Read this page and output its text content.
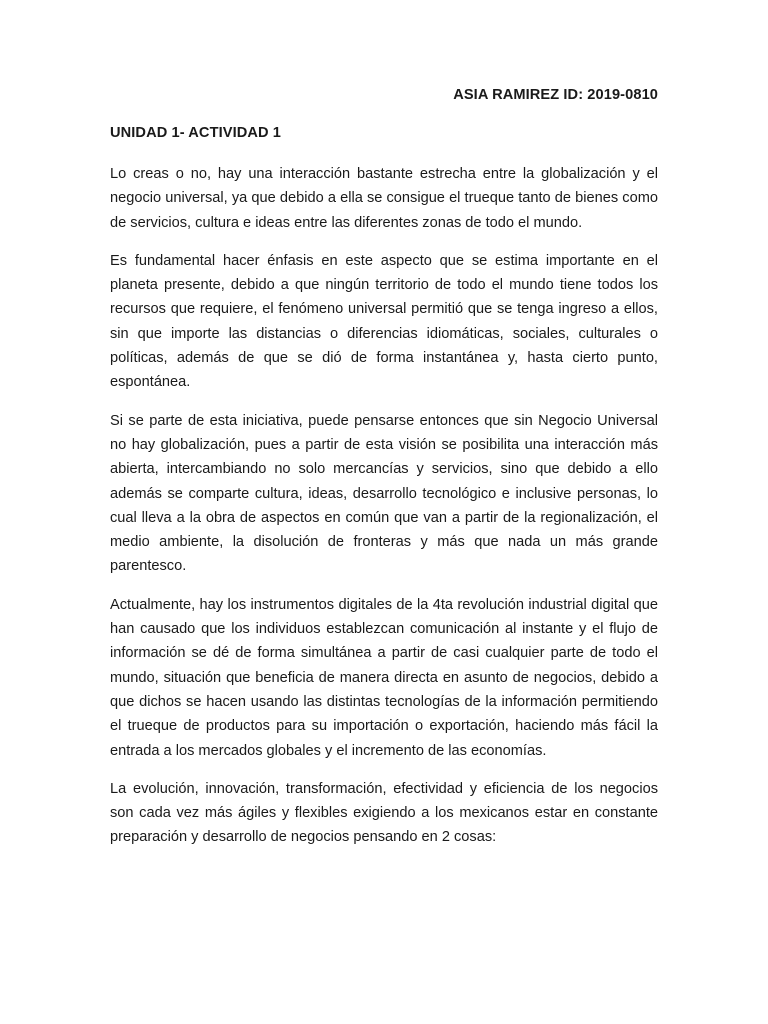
ASIA RAMIREZ ID: 2019-0810
UNIDAD 1- ACTIVIDAD 1

Lo creas o no, hay una interacción bastante estrecha entre la globalización y el negocio universal, ya que debido a ella se consigue el trueque tanto de bienes como de servicios, cultura e ideas entre las diferentes zonas de todo el mundo.

Es fundamental hacer énfasis en este aspecto que se estima importante en el planeta presente, debido a que ningún territorio de todo el mundo tiene todos los recursos que requiere, el fenómeno universal permitió que se tenga ingreso a ellos, sin que importe las distancias o diferencias idiomáticas, sociales, culturales o políticas, además de que se dió de forma instantánea y, hasta cierto punto, espontánea.

Si se parte de esta iniciativa, puede pensarse entonces que sin Negocio Universal no hay globalización, pues a partir de esta visión se posibilita una interacción más abierta, intercambiando no solo mercancías y servicios, sino que debido a ello además se comparte cultura, ideas, desarrollo tecnológico e inclusive personas, lo cual lleva a la obra de aspectos en común que van a partir de la regionalización, el medio ambiente, la disolución de fronteras y más que nada un más grande parentesco.

Actualmente, hay los instrumentos digitales de la 4ta revolución industrial digital que han causado que los individuos establezcan comunicación al instante y el flujo de información se dé de forma simultánea a partir de casi cualquier parte de todo el mundo, situación que beneficia de manera directa en asunto de negocios, debido a que dichos se hacen usando las distintas tecnologías de la información permitiendo el trueque de productos para su importación o exportación, haciendo más fácil la entrada a los mercados globales y el incremento de las economías.

La evolución, innovación, transformación, efectividad y eficiencia de los negocios son cada vez más ágiles y flexibles exigiendo a los mexicanos estar en constante preparación y desarrollo de negocios pensando en 2 cosas:
